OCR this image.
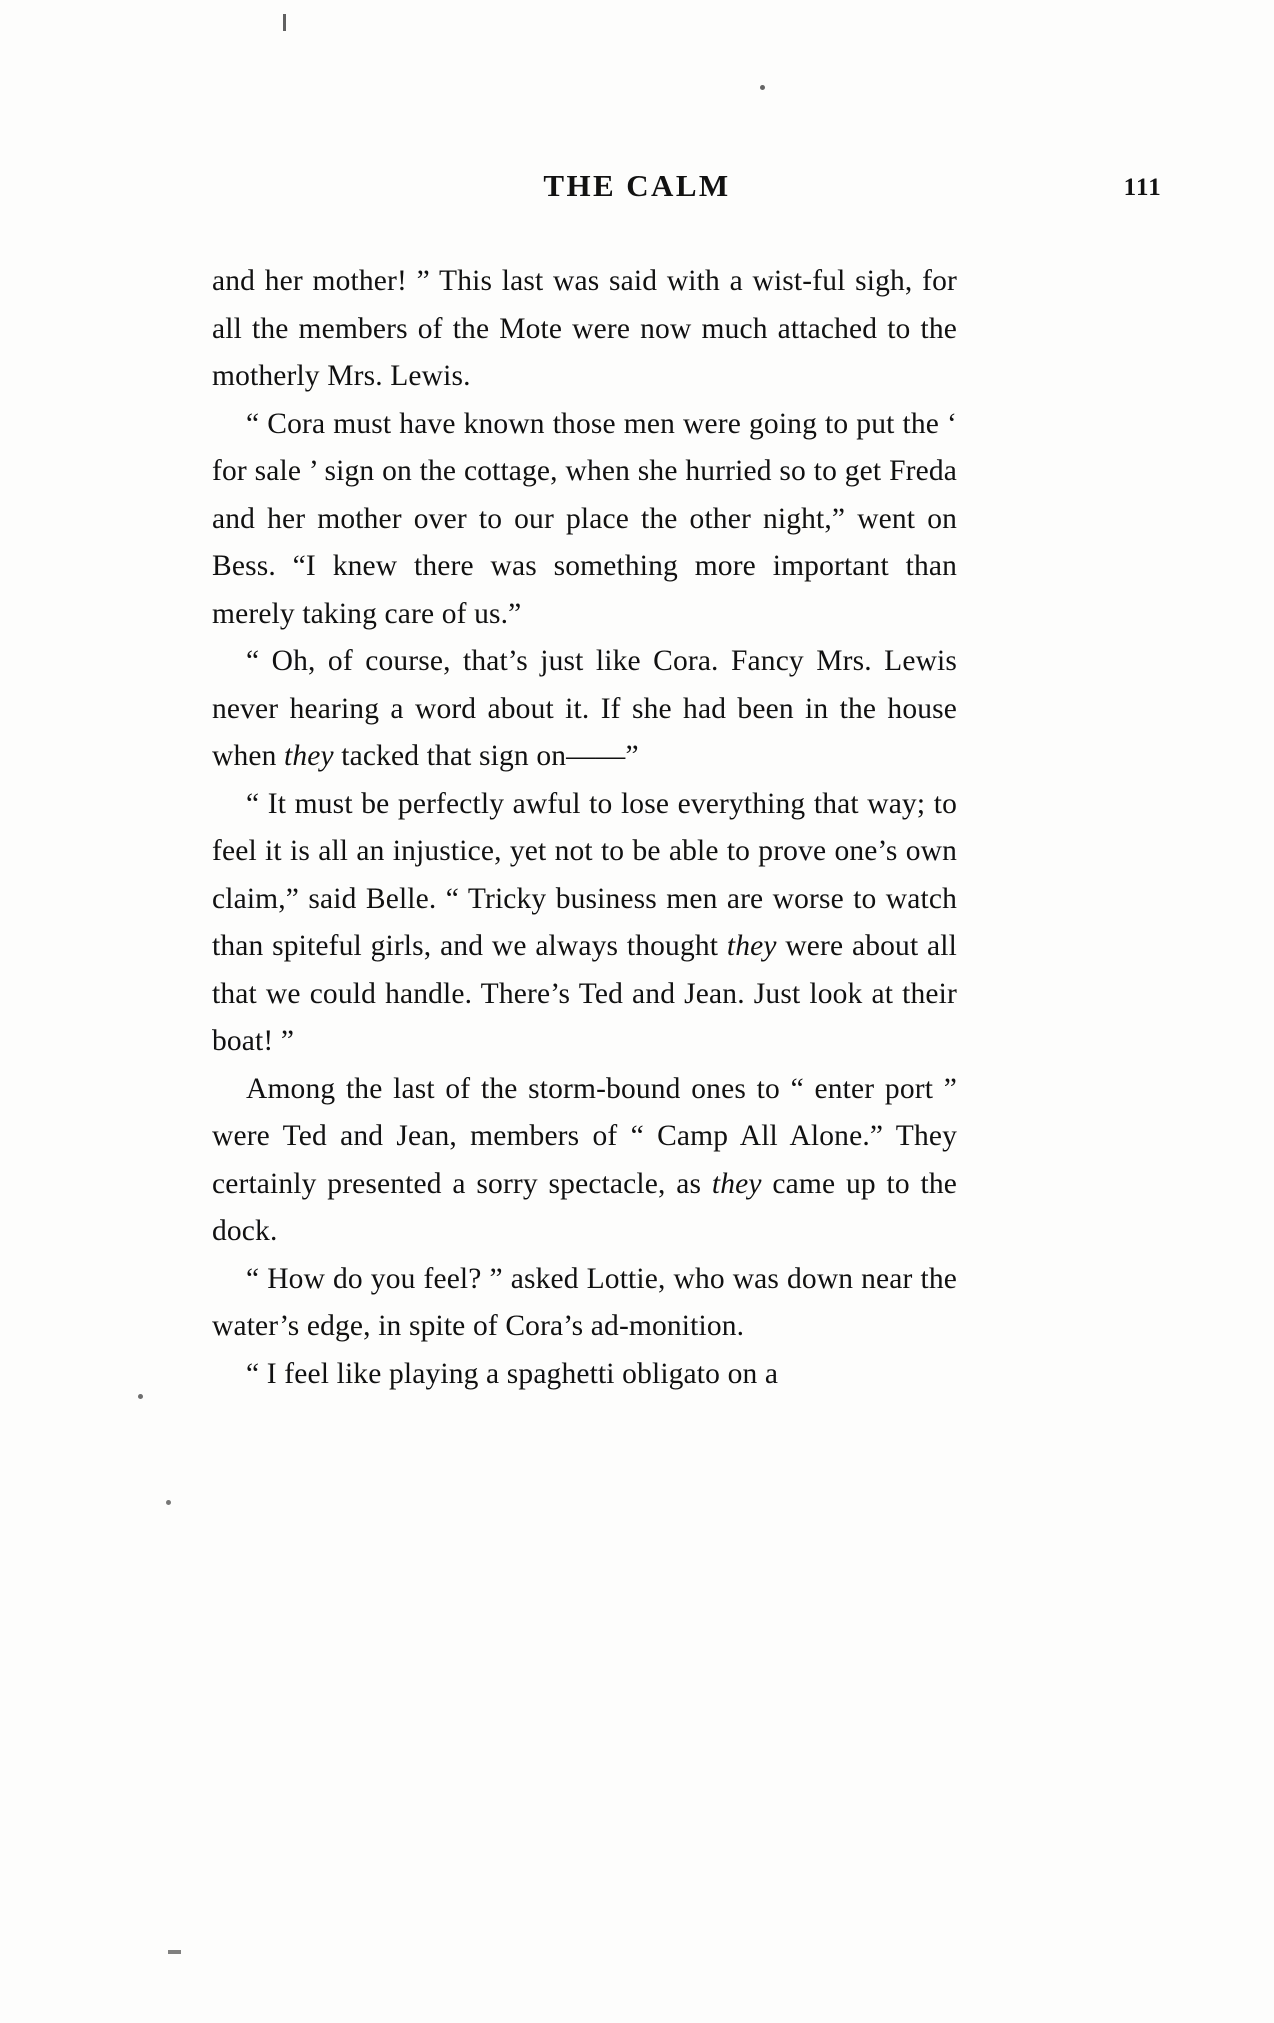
THE CALM	111

and her mother! ” This last was said with a wist-ful sigh, for all the members of the Mote were now much attached to the motherly Mrs. Lewis.

“ Cora must have known those men were going to put the ‘ for sale ’ sign on the cottage, when she hurried so to get Freda and her mother over to our place the other night,” went on Bess. “I knew there was something more important than merely taking care of us.”

“ Oh, of course, that’s just like Cora. Fancy Mrs. Lewis never hearing a word about it. If she had been in the house when they tacked that sign on——”

“ It must be perfectly awful to lose everything that way; to feel it is all an injustice, yet not to be able to prove one’s own claim,” said Belle. “ Tricky business men are worse to watch than spiteful girls, and we always thought they were about all that we could handle. There’s Ted and Jean. Just look at their boat! ”

Among the last of the storm-bound ones to “ enter port ” were Ted and Jean, members of “ Camp All Alone.” They certainly presented a sorry spectacle, as they came up to the dock.

“ How do you feel? ” asked Lottie, who was down near the water’s edge, in spite of Cora’s ad-monition.

“ I feel like playing a spaghetti obligato on a
